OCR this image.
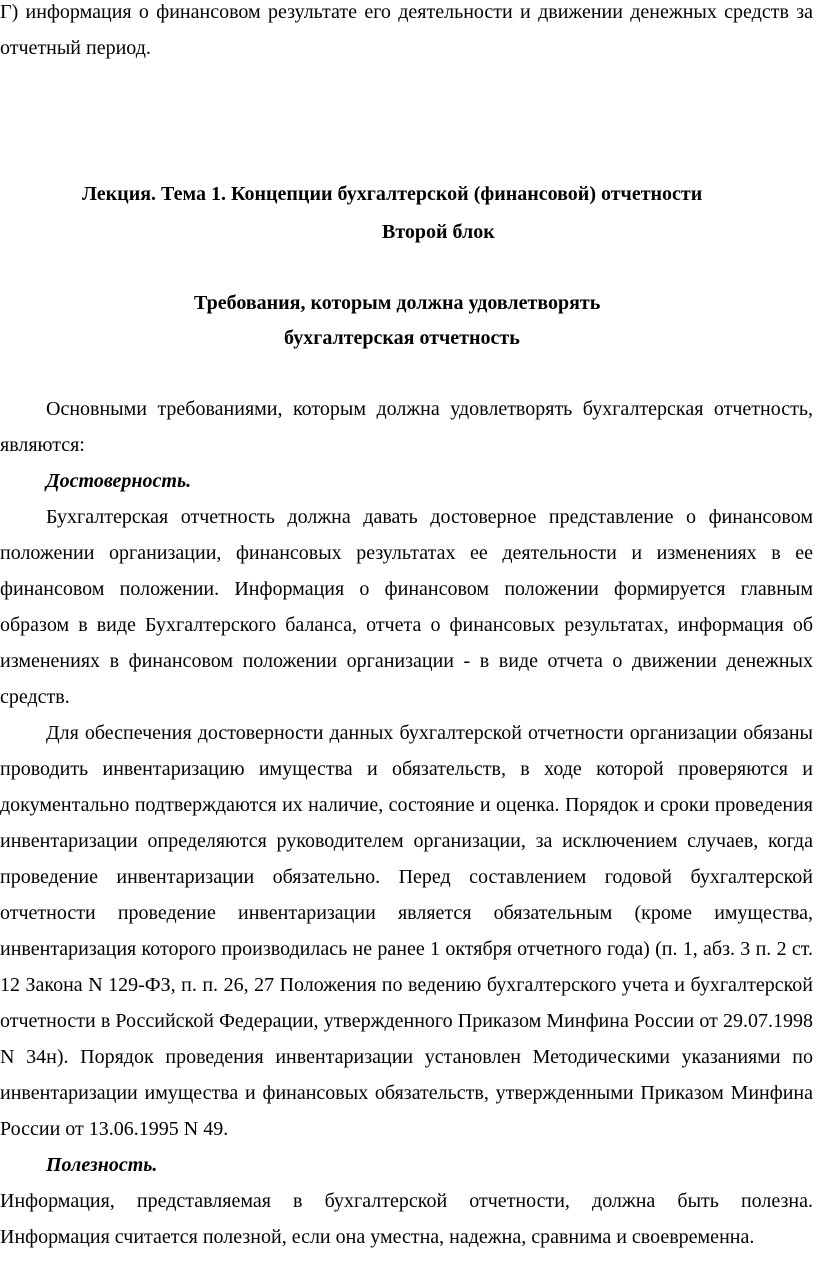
Г) информация о финансовом результате его деятельности и движении денежных средств за отчетный период.

Лекция. Тема 1. Концепции бухгалтерской (финансовой) отчетности

Второй блок

Требования, которым должна удовлетворять

бухгалтерская отчетность

Основными требованиями, которым должна удовлетворять бухгалтерская отчетность, являются:

Достоверность.

Бухгалтерская отчетность должна давать достоверное представление о финансовом положении организации, финансовых результатах ее деятельности и изменениях в ее финансовом положении. Информация о финансовом положении формируется главным образом в виде Бухгалтерского баланса, отчета о финансовых результатах, информация об изменениях в финансовом положении организации - в виде отчета о движении денежных средств.

Для обеспечения достоверности данных бухгалтерской отчетности организации обязаны проводить инвентаризацию имущества и обязательств, в ходе которой проверяются и документально подтверждаются их наличие, состояние и оценка. Порядок и сроки проведения инвентаризации определяются руководителем организации, за исключением случаев, когда проведение инвентаризации обязательно. Перед составлением годовой бухгалтерской отчетности проведение инвентаризации является обязательным (кроме имущества, инвентаризация которого производилась не ранее 1 октября отчетного года) (п. 1, абз. 3 п. 2 ст. 12 Закона N 129-ФЗ, п. п. 26, 27 Положения по ведению бухгалтерского учета и бухгалтерской отчетности в Российской Федерации, утвержденного Приказом Минфина России от 29.07.1998 N 34н). Порядок проведения инвентаризации установлен Методическими указаниями по инвентаризации имущества и финансовых обязательств, утвержденными Приказом Минфина России от 13.06.1995 N 49.

Полезность.

Информация, представляемая в бухгалтерской отчетности, должна быть полезна.

Информация считается полезной, если она уместна, надежна, сравнима и своевременна.
